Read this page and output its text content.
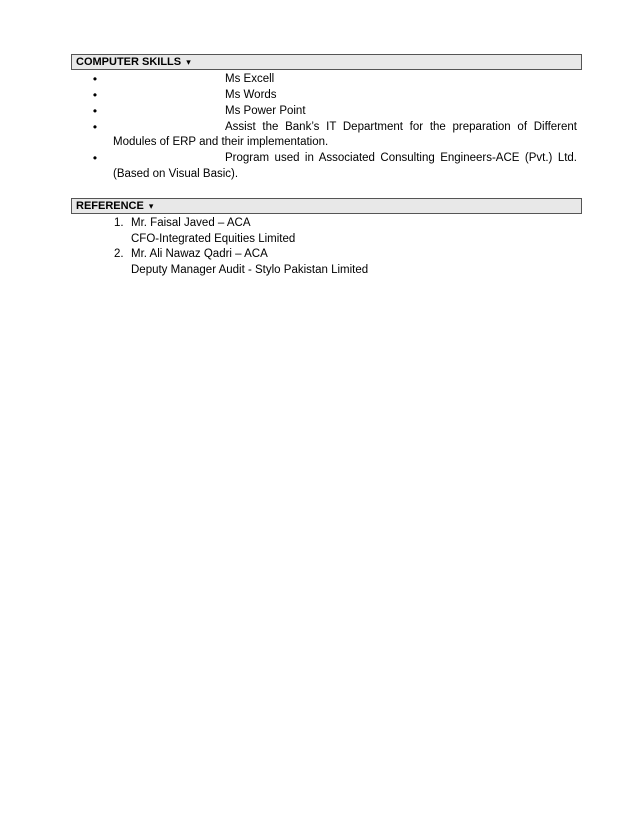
COMPUTER SKILLS ▾
•	Ms Excell
•	Ms Words
•	Ms Power Point
•	Assist the Bank’s IT Department for the preparation of Different
Modules of ERP and their implementation.
•	Program used in Associated Consulting Engineers-ACE (Pvt.) Ltd.
(Based on Visual Basic).
REFERENCE ▾
1. Mr. Faisal Javed – ACA
CFO-Integrated Equities Limited
2. Mr. Ali Nawaz Qadri – ACA
Deputy Manager Audit - Stylo Pakistan Limited
